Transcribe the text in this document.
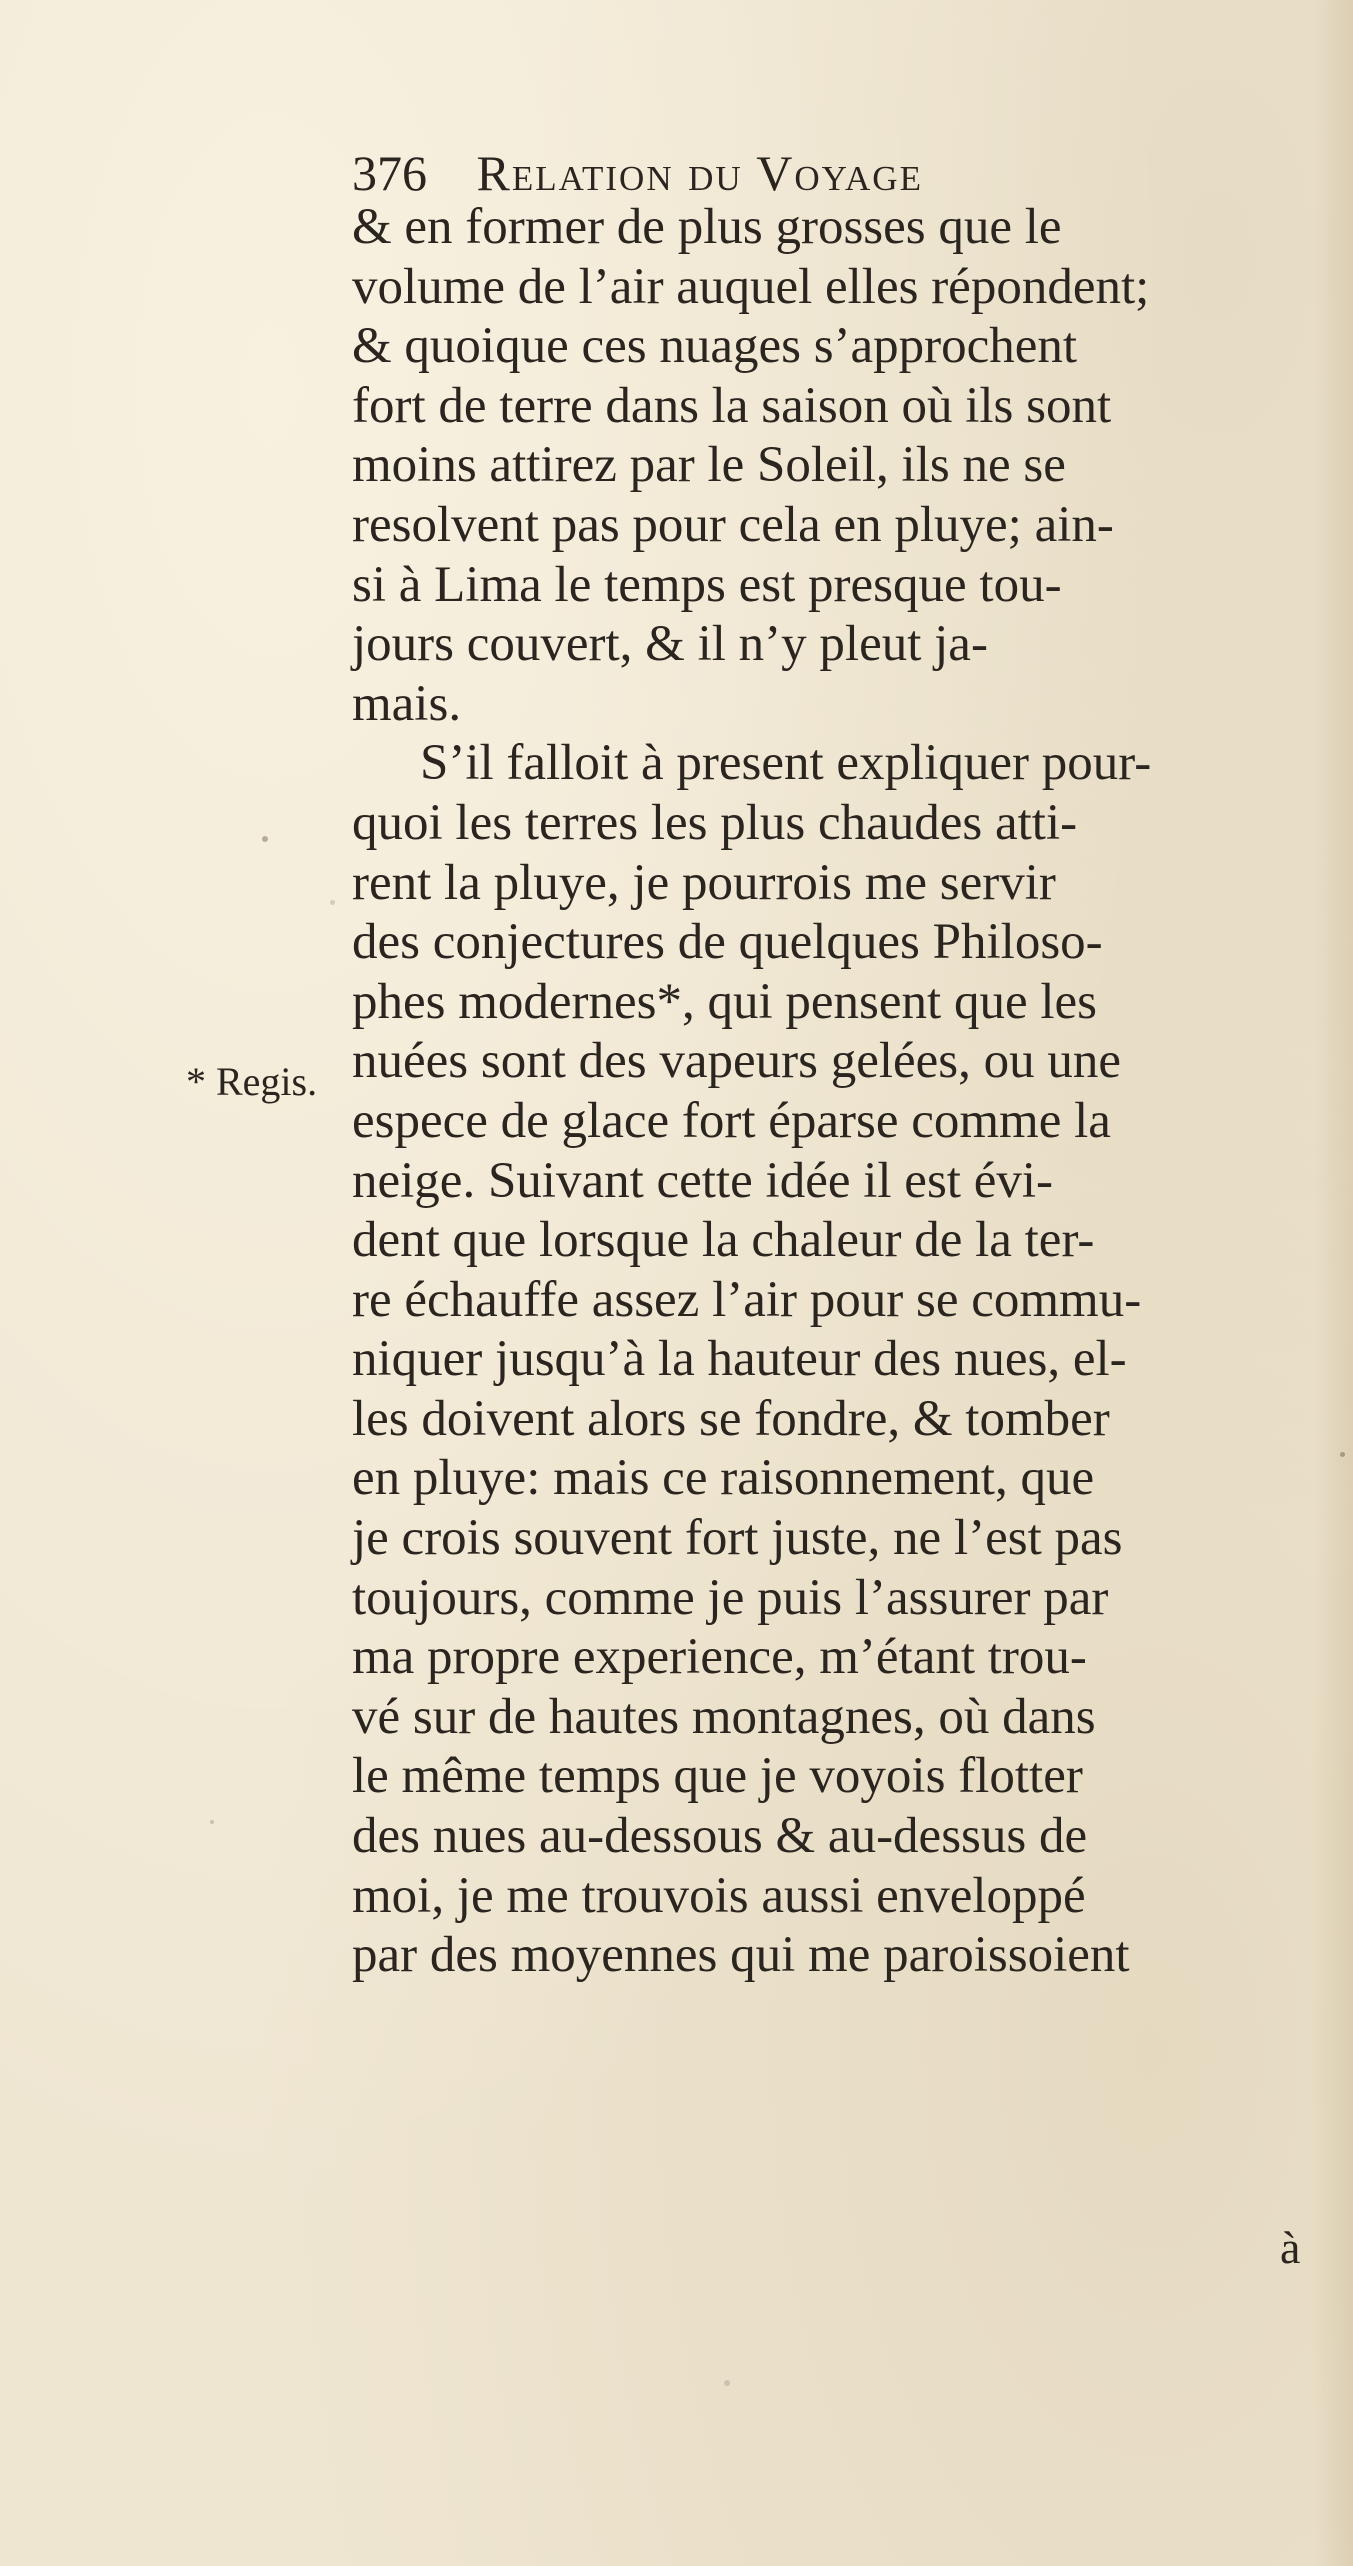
376 Relation du Voyage
* Regis.
& en former de plus grosses que le
volume de l’air auquel elles répondent;
& quoique ces nuages s’approchent
fort de terre dans la saison où ils sont
moins attirez par le Soleil, ils ne se
resolvent pas pour cela en pluye; ain-
si à Lima le temps est presque tou-
jours couvert, & il n’y pleut ja-
mais.
S’il falloit à present expliquer pour-
quoi les terres les plus chaudes atti-
rent la pluye, je pourrois me servir
des conjectures de quelques Philoso-
phes modernes*, qui pensent que les
nuées sont des vapeurs gelées, ou une
espece de glace fort éparse comme la
neige. Suivant cette idée il est évi-
dent que lorsque la chaleur de la ter-
re échauffe assez l’air pour se commu-
niquer jusqu’à la hauteur des nues, el-
les doivent alors se fondre, & tomber
en pluye: mais ce raisonnement, que
je crois souvent fort juste, ne l’est pas
toujours, comme je puis l’assurer par
ma propre experience, m’étant trou-
vé sur de hautes montagnes, où dans
le même temps que je voyois flotter
des nues au-dessous & au-dessus de
moi, je me trouvois aussi enveloppé
par des moyennes qui me paroissoient
à
